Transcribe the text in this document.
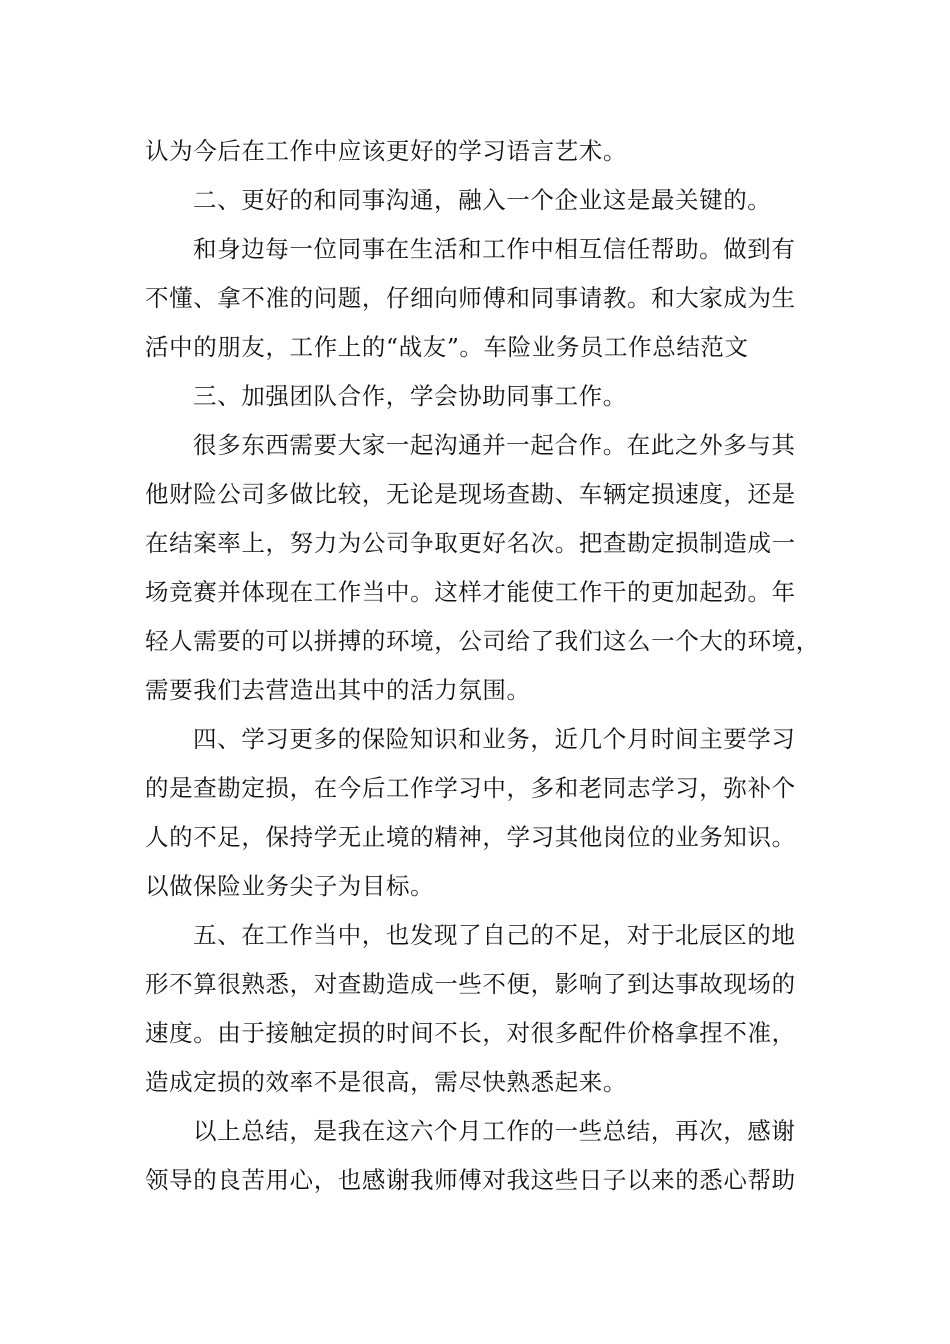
认为今后在工作中应该更好的学习语言艺术。
二、更好的和同事沟通，融入一个企业这是最关键的。
和身边每一位同事在生活和工作中相互信任帮助。做到有
不懂、拿不准的问题，仔细向师傅和同事请教。和大家成为生
活中的朋友，工作上的“战友”。车险业务员工作总结范文
三、加强团队合作，学会协助同事工作。
很多东西需要大家一起沟通并一起合作。在此之外多与其
他财险公司多做比较，无论是现场查勘、车辆定损速度，还是
在结案率上，努力为公司争取更好名次。把查勘定损制造成一
场竞赛并体现在工作当中。这样才能使工作干的更加起劲。年
轻人需要的可以拼搏的环境，公司给了我们这么一个大的环境，
需要我们去营造出其中的活力氛围。
四、学习更多的保险知识和业务，近几个月时间主要学习
的是查勘定损，在今后工作学习中，多和老同志学习，弥补个
人的不足，保持学无止境的精神，学习其他岗位的业务知识。
以做保险业务尖子为目标。
五、在工作当中，也发现了自己的不足，对于北辰区的地
形不算很熟悉，对查勘造成一些不便，影响了到达事故现场的
速度。由于接触定损的时间不长，对很多配件价格拿捏不准，
造成定损的效率不是很高，需尽快熟悉起来。
以上总结，是我在这六个月工作的一些总结，再次，感谢
领导的良苦用心，也感谢我师傅对我这些日子以来的悉心帮助
